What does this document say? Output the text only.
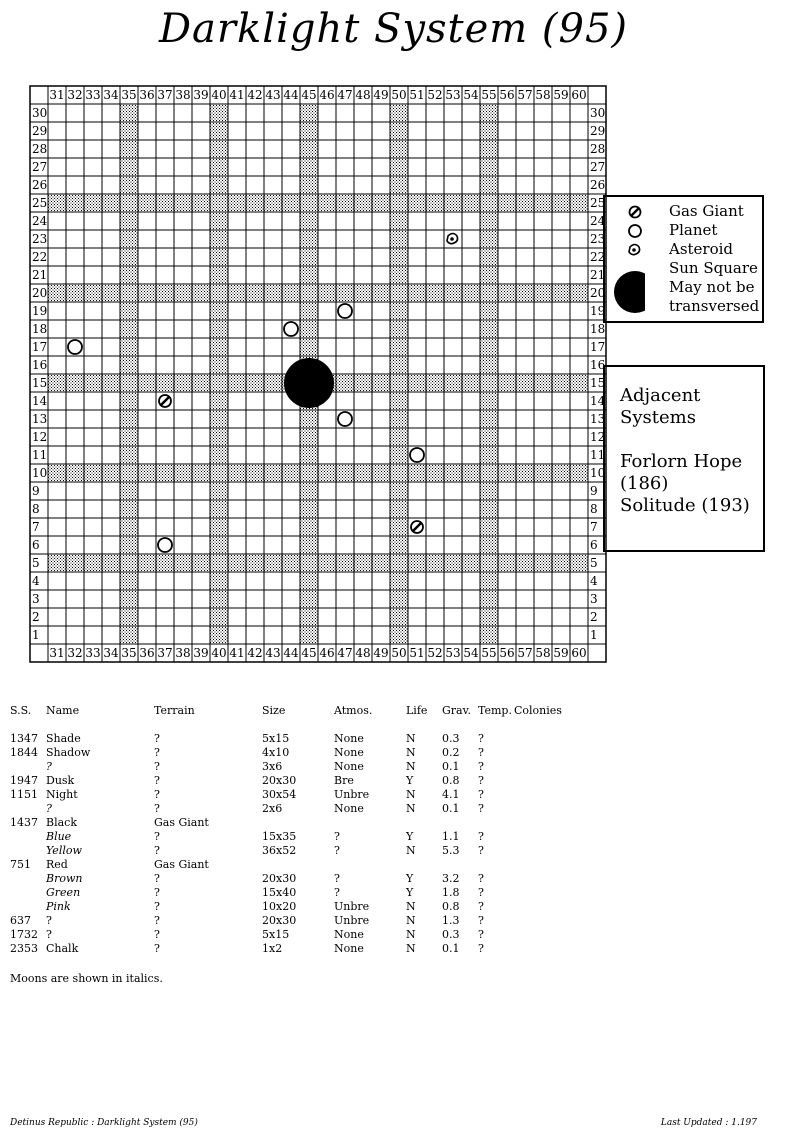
Darklight System (95)
31
31
32
32
33
33
34
34
35
35
36
36
37
37
38
38
39
39
40
40
41
41
42
42
43
43
44
44
45
45
46
46
47
47
48
48
49
49
50
50
51
51
52
52
53
53
54
54
55
55
56
56
57
57
58
58
59
59
60
60
30	30
29	29
28	28
27	27
26	26
25	25
24	24
23	23
22	22
21	21
20	20
19	19
18	18
17	17
16	16
15	15
14	14
13	13
12	12
11	11
10	10
9	9
8	8
7	7
6	6
5	5
4	4
3	3
2	2
1	1
Gas Giant
Planet
Asteroid
Sun Square
May not be
transversed
Adjacent
Systems
Forlorn Hope
(186)
Solitude (193)
S.S. Name	Terrain	Size	Atmos.	Life Grav. Temp. Colonies
1347 Shade	?	5x15	None	N 0.3 ?
1844 Shadow	?	4x10	None	N 0.2 ?
?	?	3x6	None	N 0.1 ?
1947 Dusk	?	20x30	Bre	Y	0.8 ?
1151 Night	?	30x54	Unbre	N 4.1 ?
?	?	2x6	None	N 0.1 ?
1437 Black	Gas Giant
Blue	?	15x35	?	Y	1.1 ?
Yellow	?	36x52	?	N 5.3 ?
751 Red	Gas Giant
Brown	?	20x30	?	Y	3.2 ?
Green	?	15x40	?	Y	1.8 ?
Pink	?	10x20	Unbre	N 0.8 ?
637 ?	?	20x30	Unbre	N 1.3 ?
1732 ?	?	5x15	None	N 0.3 ?
2353 Chalk	?	1x2	None	N 0.1 ?
Moons are shown in italics.
Detinus Republic : Darklight System (95)	Last Updated : 1.197
